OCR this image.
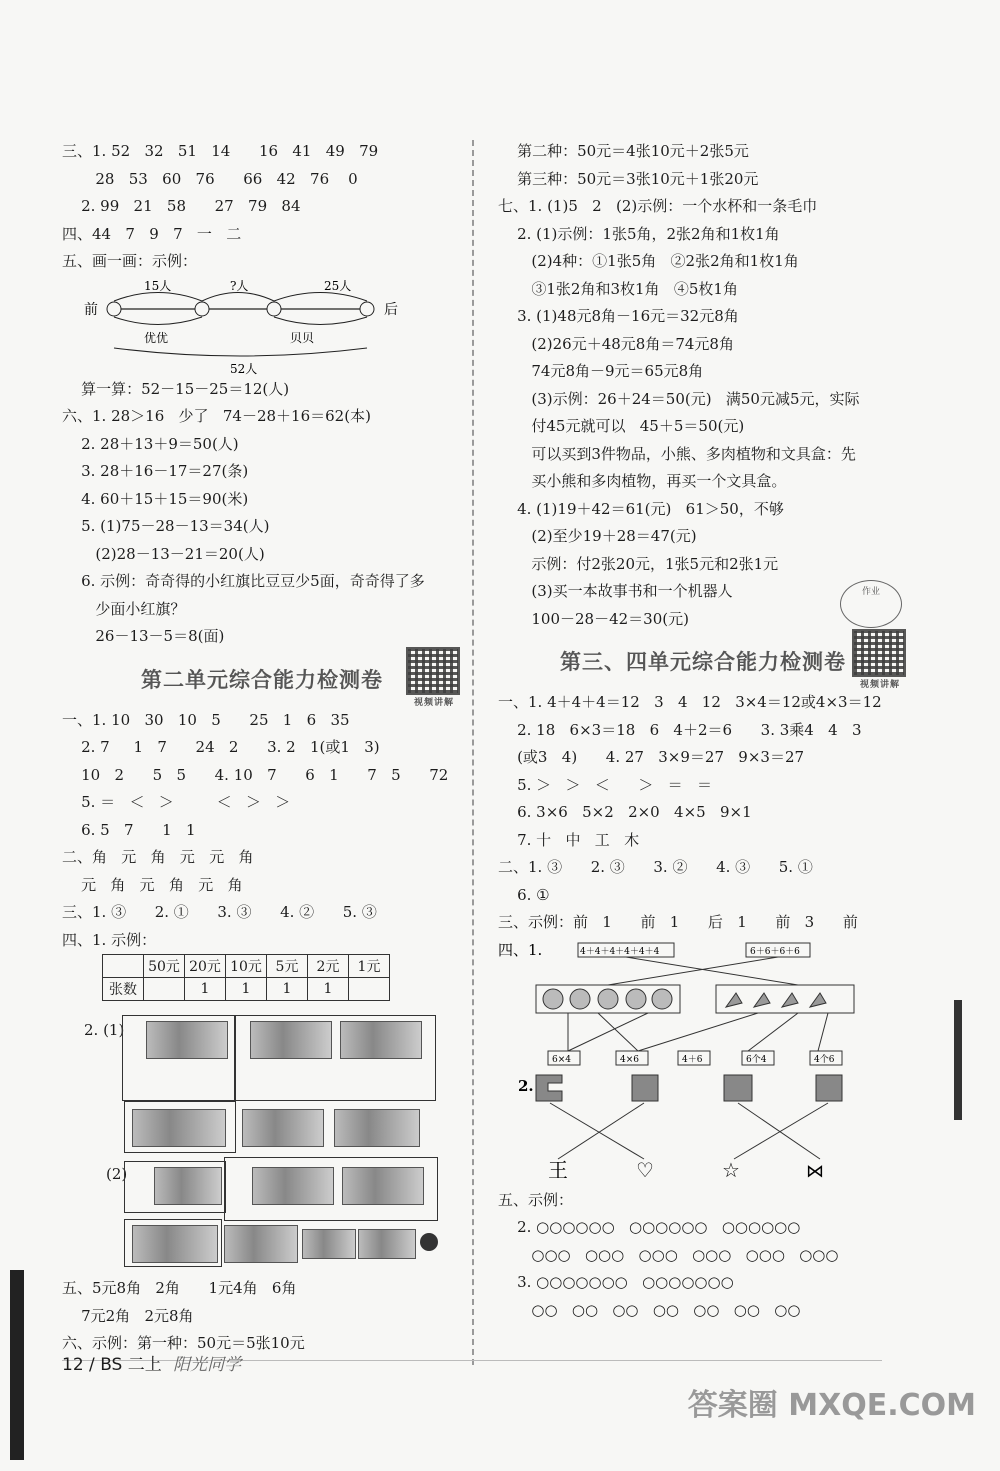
三、1. 52   32   51   14      16   41   49   79
28   53   60   76      66   42   76    0
2. 99   21   58      27   79   84
四、44   7   9   7   一   二
五、画一画：示例：
前	后
15人	?人	25人
优优	贝贝
52人
算一算：52－15－25＝12(人)
六、1. 28＞16   少了   74－28＋16＝62(本)
2. 28＋13＋9＝50(人)
3. 28＋16－17＝27(条)
4. 60＋15＋15＝90(米)
5. (1)75－28－13＝34(人)
(2)28－13－21＝20(人)
6. 示例：奇奇得的小红旗比豆豆少5面，奇奇得了多
少面小红旗？
26－13－5＝8(面)
第二单元综合能力检测卷
视频讲解
一、1. 10   30   10   5      25   1   6   35
2. 7     1   7      24   2      3. 2   1(或1   3)
10   2      5   5      4. 10   7      6   1      7   5      72
5. ＝   ＜   ＞         ＜   ＞   ＞
6. 5   7      1   1
二、角   元   角   元   元   角
元   角   元   角   元   角
三、1. ③      2. ①      3. ③      4. ②      5. ③
四、1. 示例：
	50元	20元	10元	5元	2元	1元
张数		1	1	1	1	
2. (1)
(2)
五、5元8角   2角      1元4角   6角
7元2角   2元8角
六、示例：第一种：50元＝5张10元
第二种：50元＝4张10元＋2张5元
第三种：50元＝3张10元＋1张20元
七、1. (1)5   2   (2)示例：一个水杯和一条毛巾
2. (1)示例：1张5角，2张2角和1枚1角
(2)4种：①1张5角   ②2张2角和1枚1角
③1张2角和3枚1角   ④5枚1角
3. (1)48元8角－16元＝32元8角
(2)26元＋48元8角＝74元8角
74元8角－9元＝65元8角
(3)示例：26＋24＝50(元)   满50元减5元，实际
付45元就可以   45＋5＝50(元)
可以买到3件物品，小熊、多肉植物和文具盒：先
买小熊和多肉植物，再买一个文具盒。
4. (1)19＋42＝61(元)   61＞50，不够
(2)至少19＋28＝47(元)
示例：付2张20元，1张5元和2张1元
(3)买一本故事书和一个机器人
100－28－42＝30(元)
第三、四单元综合能力检测卷
视频讲解
一、1. 4＋4＋4＝12   3   4   12   3×4＝12或4×3＝12
2. 18   6×3＝18   6   4＋2＝6      3. 3乘4   4   3
(或3   4)      4. 27   3×9＝27   9×3＝27
5. ＞   ＞   ＜      ＞   ＝   ＝
6. 3×6   5×2   2×0   4×5   9×1
7. 十   中   工   木
二、1. ③      2. ③      3. ②      4. ③      5. ①
6. ①
三、示例：前   1      前   1      后   1      前   3      前
四、1.	4＋4＋4＋4＋4＋4	6＋6＋6＋6
6×4	4×6	4＋6	6个4	4个6
2.
王	♡	☆	⋈
五、示例：
2. ○○○○○○   ○○○○○○   ○○○○○○
○○○   ○○○   ○○○   ○○○   ○○○   ○○○
3. ○○○○○○○   ○○○○○○○
○○   ○○   ○○   ○○   ○○   ○○   ○○
作业
12 / BS 二上 阳光同学
答案圈 MXQE.COM
